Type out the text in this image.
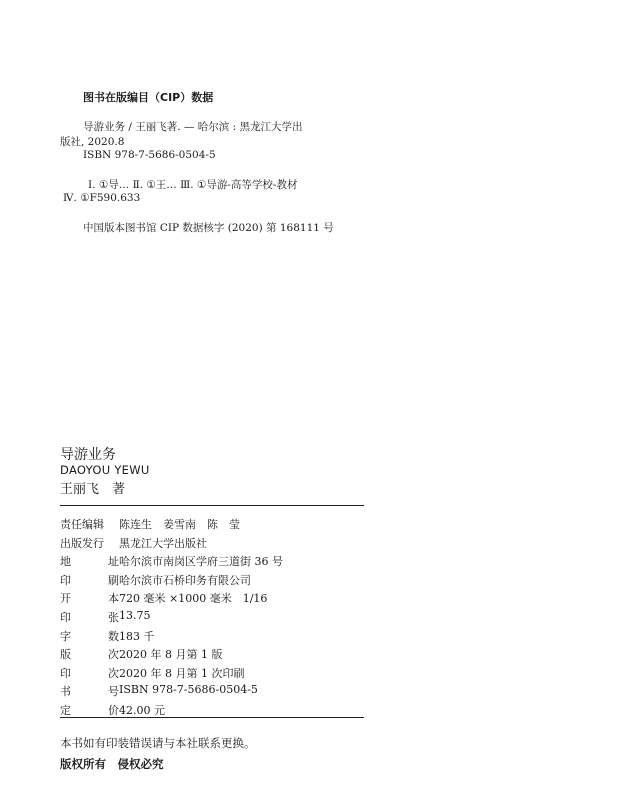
图书在版编目（CIP）数据
导游业务 / 王丽飞著. — 哈尔滨 : 黑龙江大学出
版社, 2020.8
ISBN 978-7-5686-0504-5
Ⅰ. ①导… Ⅱ. ①王… Ⅲ. ①导游-高等学校-教材
Ⅳ. ①F590.633
中国版本图书馆 CIP 数据核字 (2020) 第 168111 号
导游业务
DAOYOU YEWU
王丽飞　著
责任编辑 陈连生　姜雪南　陈　莹
出版发行 黑龙江大学出版社
地	址 哈尔滨市南岗区学府三道街 36 号
印	刷 哈尔滨市石桥印务有限公司
开	本 720 毫米 ×1000 毫米　1/16
印	张 13.75
字	数 183 千
版	次 2020 年 8 月第 1 版
印	次 2020 年 8 月第 1 次印刷
书	号 ISBN 978-7-5686-0504-5
定	价 42.00 元
本书如有印装错误请与本社联系更换。
版权所有　侵权必究
